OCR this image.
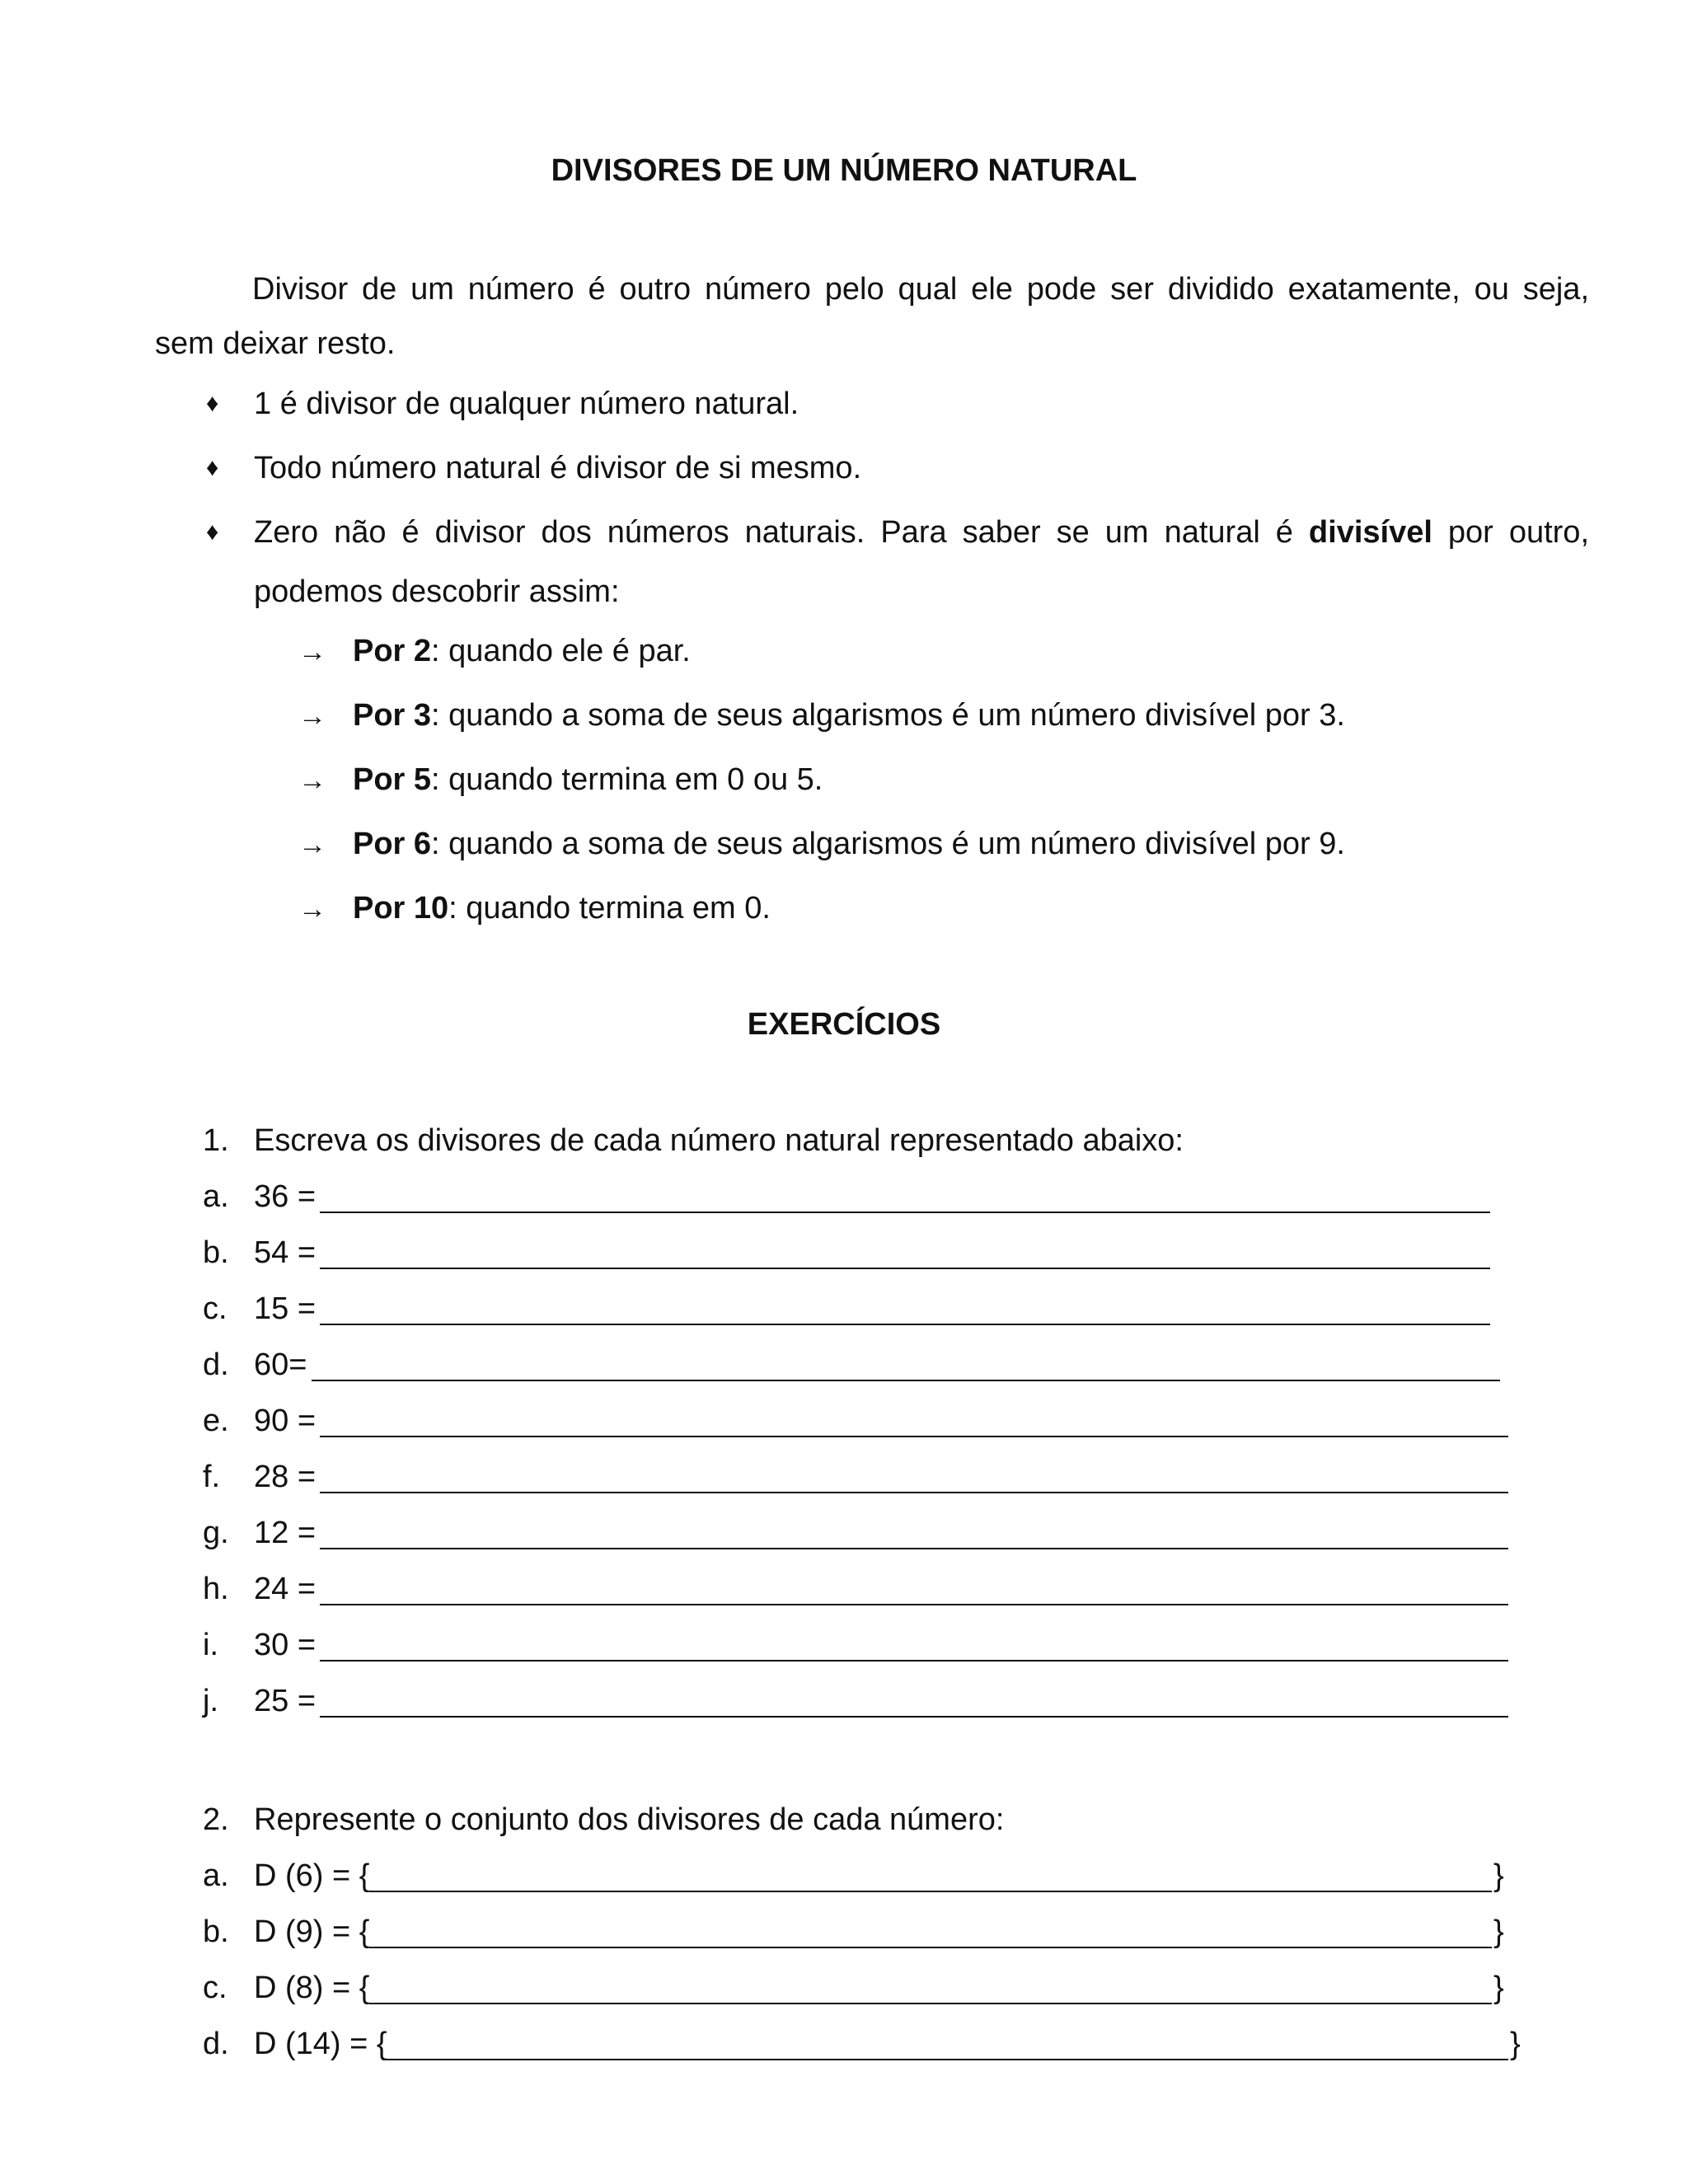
DIVISORES DE UM NÚMERO NATURAL
Divisor de um número é outro número pelo qual ele pode ser dividido exatamente, ou seja,
sem deixar resto.
♦ 1 é divisor de qualquer número natural.
♦ Todo número natural é divisor de si mesmo.
♦ Zero não é divisor dos números naturais. Para saber se um natural é divisível por outro,
podemos descobrir assim:
→ Por 2: quando ele é par.
→ Por 3: quando a soma de seus algarismos é um número divisível por 3.
→ Por 5: quando termina em 0 ou 5.
→ Por 6: quando a soma de seus algarismos é um número divisível por 9.
→ Por 10: quando termina em 0.
EXERCÍCIOS
1. Escreva os divisores de cada número natural representado abaixo:
a. 36 =
b. 54 =
c. 15 =
d. 60=
e. 90 =
f. 28 =
g. 12 =
h. 24 =
i. 30 =
j. 25 =
2. Represente o conjunto dos divisores de cada número:
a. D (6) = {	}
b. D (9) = {	}
c. D (8) = {	}
d. D (14) = {	}
